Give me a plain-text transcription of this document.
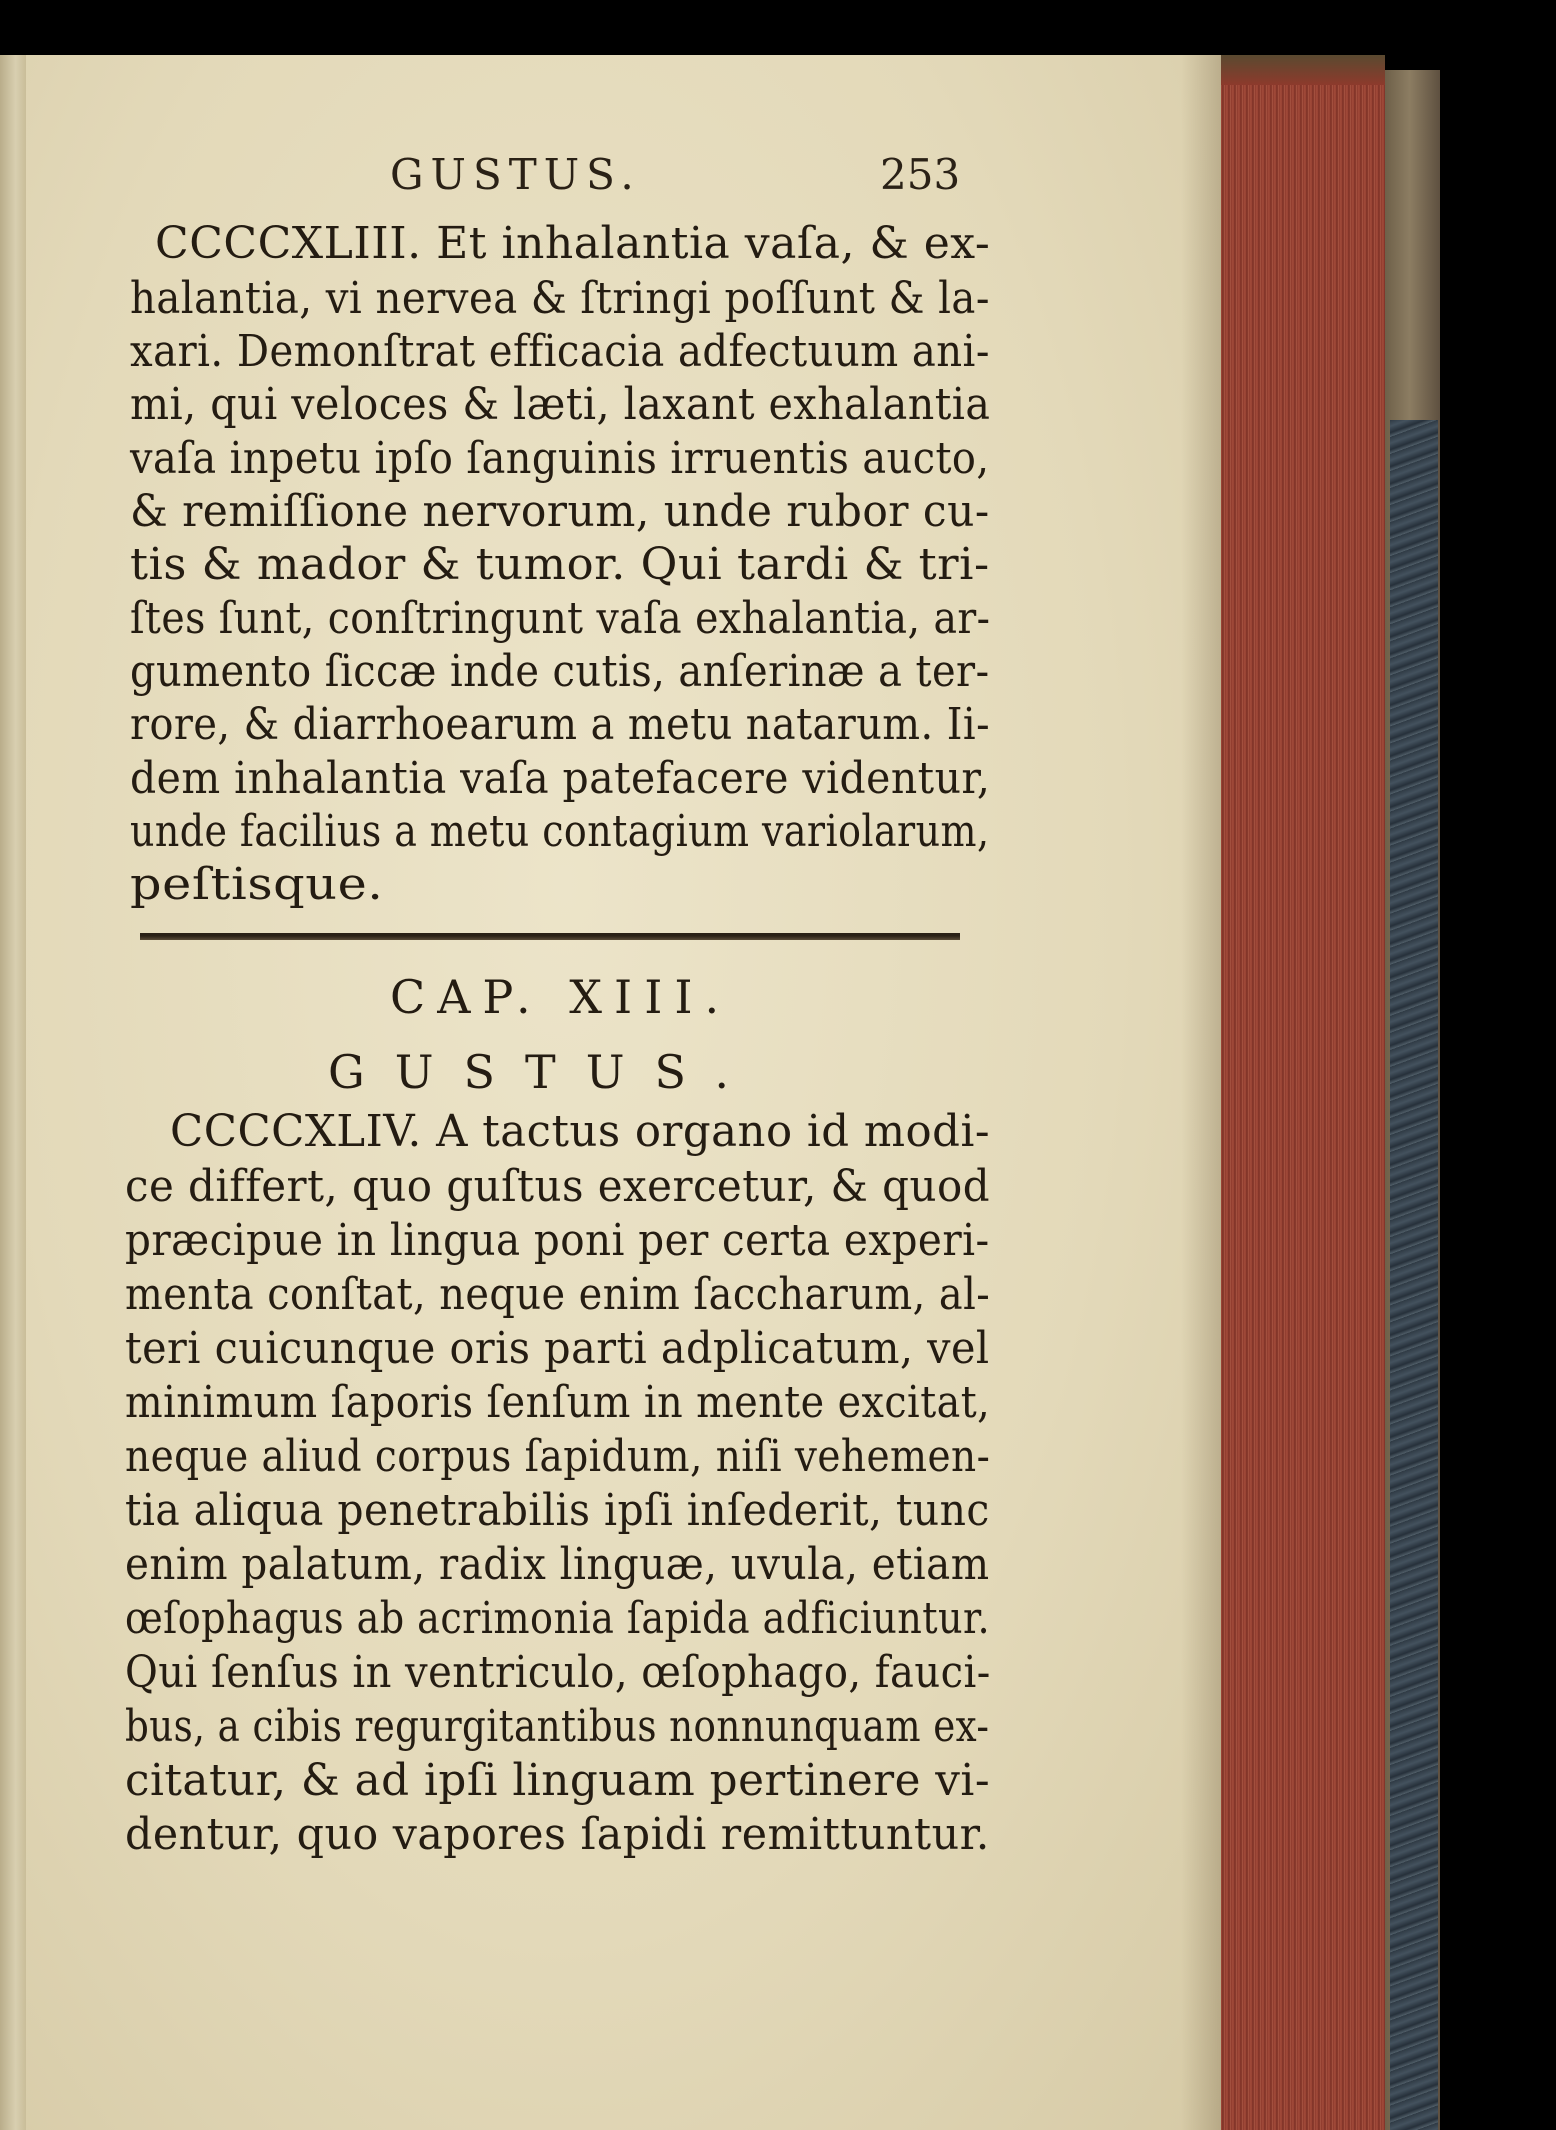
GUSTUS.	253
CCCCXLIII. Et inhalantia vaſa, & ex-
halantia, vi nervea & ſtringi poſſunt & la-
xari. Demonſtrat efficacia adfectuum ani-
mi, qui veloces & læti, laxant exhalantia
vaſa inpetu ipſo ſanguinis irruentis aucto,
& remiſſione nervorum, unde rubor cu-
tis & mador & tumor. Qui tardi & tri-
ſtes ſunt, conſtringunt vaſa exhalantia, ar-
gumento ſiccæ inde cutis, anſerinæ a ter-
rore, & diarrhoearum a metu natarum. Ii-
dem inhalantia vaſa patefacere videntur,
unde facilius a metu contagium variolarum,
peſtisque.
CAP. XIII.
GUSTUS.
CCCCXLIV. A tactus organo id modi-
ce differt, quo guſtus exercetur, & quod
præcipue in lingua poni per certa experi-
menta conſtat, neque enim ſaccharum, al-
teri cuicunque oris parti adplicatum, vel
minimum ſaporis ſenſum in mente excitat,
neque aliud corpus ſapidum, niſi vehemen-
tia aliqua penetrabilis ipſi inſederit, tunc
enim palatum, radix linguæ, uvula, etiam
œſophagus ab acrimonia ſapida adficiuntur.
Qui ſenſus in ventriculo, œſophago, fauci-
bus, a cibis regurgitantibus nonnunquam ex-
citatur, & ad ipſi linguam pertinere vi-
dentur, quo vapores ſapidi remittuntur.
